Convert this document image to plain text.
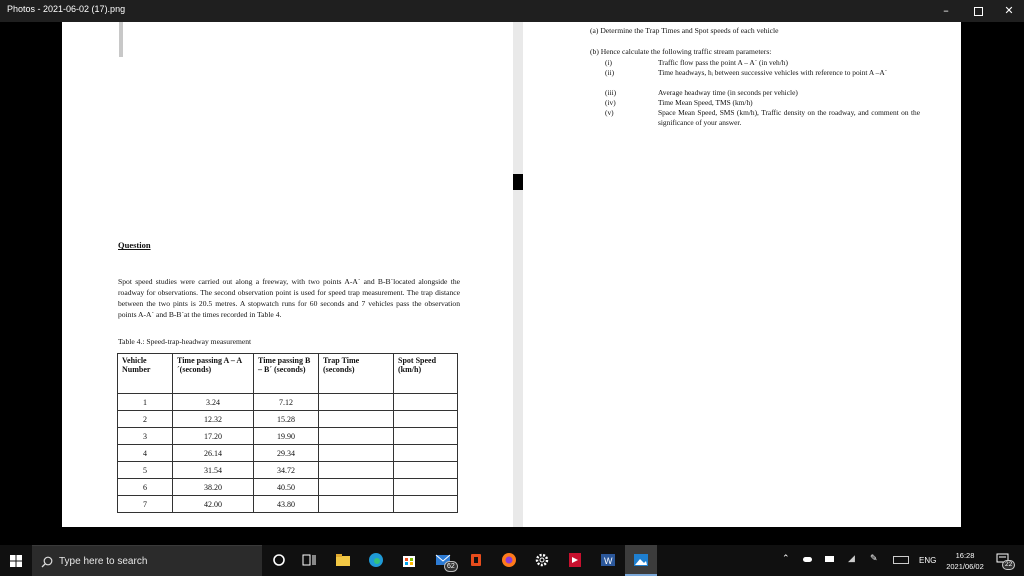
Photos - 2021-06-02 (17).png	–	✕
Question
Spot speed studies were carried out along a freeway, with two points A-A´ and B-B´located alongside the roadway for observations. The second observation point is used for speed trap measurement. The trap distance between the two pints is 20.5 metres. A stopwatch runs for 60 seconds and 7 vehicles pass the observation points A-A´ and B-B´at the times recorded in Table 4.
Table 4.: Speed-trap-headway measurement
Vehicle Number	Time passing A – A´(seconds)	Time passing B – B´ (seconds)	Trap Time (seconds)	Spot Speed (km/h)
1	3.24	7.12		
2	12.32	15.28		
3	17.20	19.90		
4	26.14	29.34		
5	31.54	34.72		
6	38.20	40.50		
7	42.00	43.80		
(a) Determine the Trap Times and Spot speeds of each vehicle
(b) Hence calculate the following traffic stream parameters:
(i)	Traffic flow pass the point A – A` (in veh/h)
(ii)	Time headways, hᵢ between successive vehicles with reference to point A –A`
(iii)	Average headway time (in seconds per vehicle)
(iv)	Time Mean Speed, TMS (km/h)
(v)	Space Mean Speed, SMS (km/h), Traffic density on the roadway, and comment on the significance of your answer.
Type here to search	62
W	⌃	◢ ✎	ENG
16:28
2021/06/02	22
